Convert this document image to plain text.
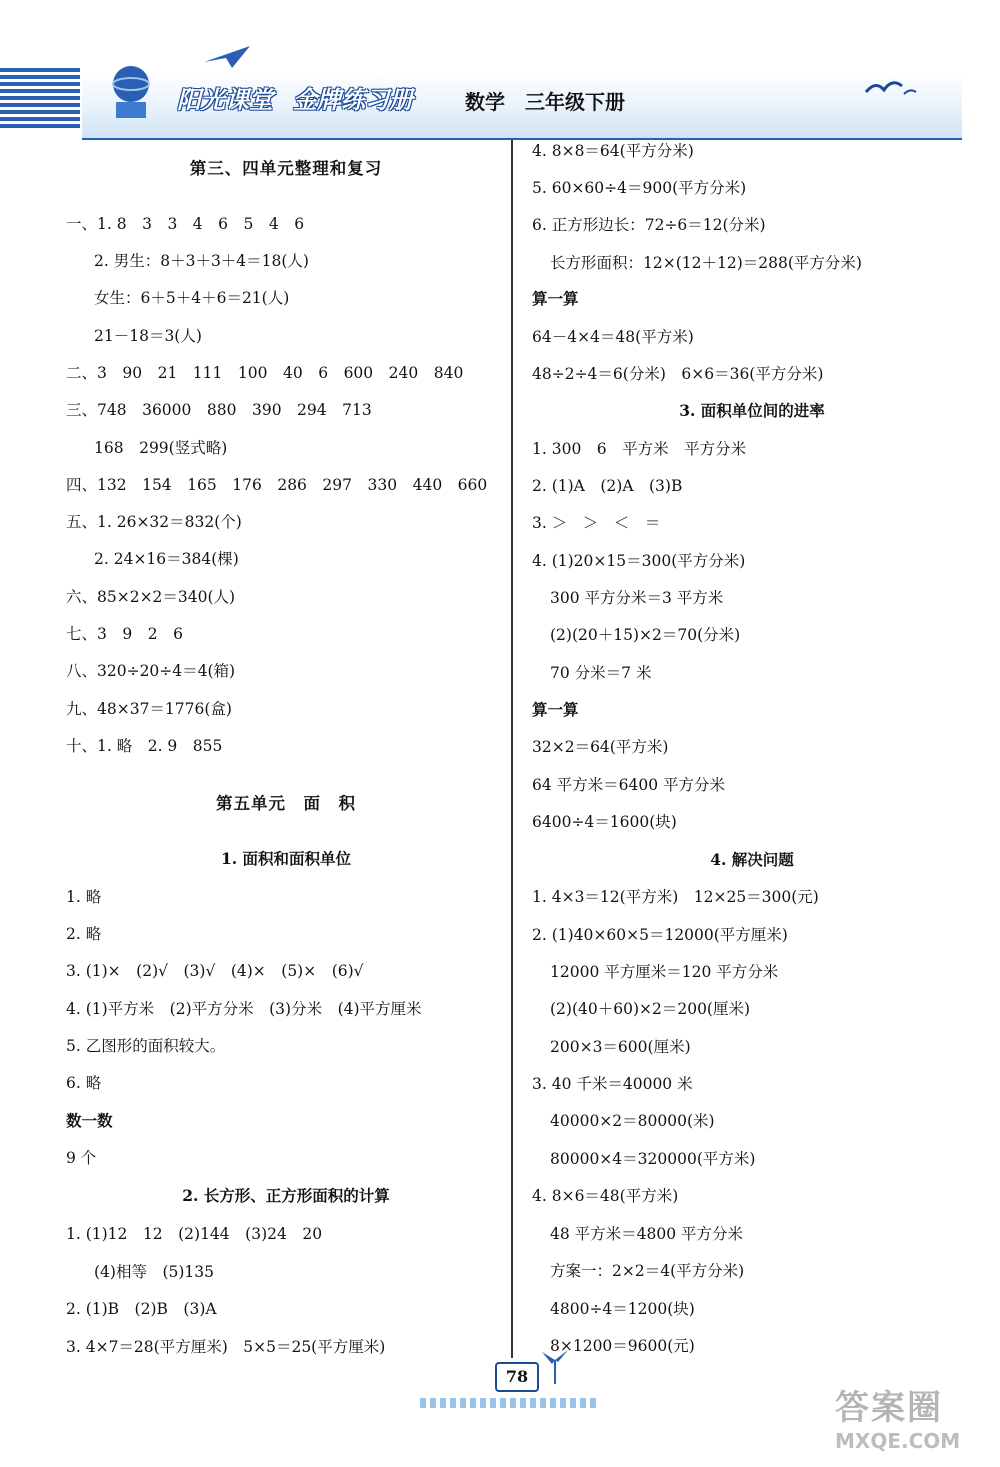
阳光课堂 金牌练习册	数学　三年级下册
第三、四单元整理和复习
一、1. 8　3　3　4　6　5　4　6
2. 男生：8＋3＋3＋4＝18(人)
女生：6＋5＋4＋6＝21(人)
21－18＝3(人)
二、3　90　21　111　100　40　6　600　240　840
三、748　36000　880　390　294　713
168　299(竖式略)
四、132　154　165　176　286　297　330　440　660
五、1. 26×32＝832(个)
2. 24×16＝384(棵)
六、85×2×2＝340(人)
七、3　9　2　6
八、320÷20÷4＝4(箱)
九、48×37＝1776(盒)
十、1. 略　2. 9　855
第五单元　面　积
1. 面积和面积单位
1. 略
2. 略
3. (1)×　(2)√　(3)√　(4)×　(5)×　(6)√
4. (1)平方米　(2)平方分米　(3)分米　(4)平方厘米
5. 乙图形的面积较大。
6. 略
数一数
9 个
2. 长方形、正方形面积的计算
1. (1)12　12　(2)144　(3)24　20
(4)相等　(5)135
2. (1)B　(2)B　(3)A
3. 4×7＝28(平方厘米)　5×5＝25(平方厘米)
4. 8×8＝64(平方分米)
5. 60×60÷4＝900(平方分米)
6. 正方形边长：72÷6＝12(分米)
长方形面积：12×(12＋12)＝288(平方分米)
算一算
64－4×4＝48(平方米)
48÷2÷4＝6(分米)　6×6＝36(平方分米)
3. 面积单位间的进率
1. 300　6　平方米　平方分米
2. (1)A　(2)A　(3)B
3. ＞　＞　＜　＝
4. (1)20×15＝300(平方分米)
300 平方分米＝3 平方米
(2)(20＋15)×2＝70(分米)
70 分米＝7 米
算一算
32×2＝64(平方米)
64 平方米＝6400 平方分米
6400÷4＝1600(块)
4. 解决问题
1. 4×3＝12(平方米)　12×25＝300(元)
2. (1)40×60×5＝12000(平方厘米)
12000 平方厘米＝120 平方分米
(2)(40＋60)×2＝200(厘米)
200×3＝600(厘米)
3. 40 千米＝40000 米
40000×2＝80000(米)
80000×4＝320000(平方米)
4. 8×6＝48(平方米)
48 平方米＝4800 平方分米
方案一：2×2＝4(平方分米)
4800÷4＝1200(块)
8×1200＝9600(元)
78
答案圈
MXQE.COM
